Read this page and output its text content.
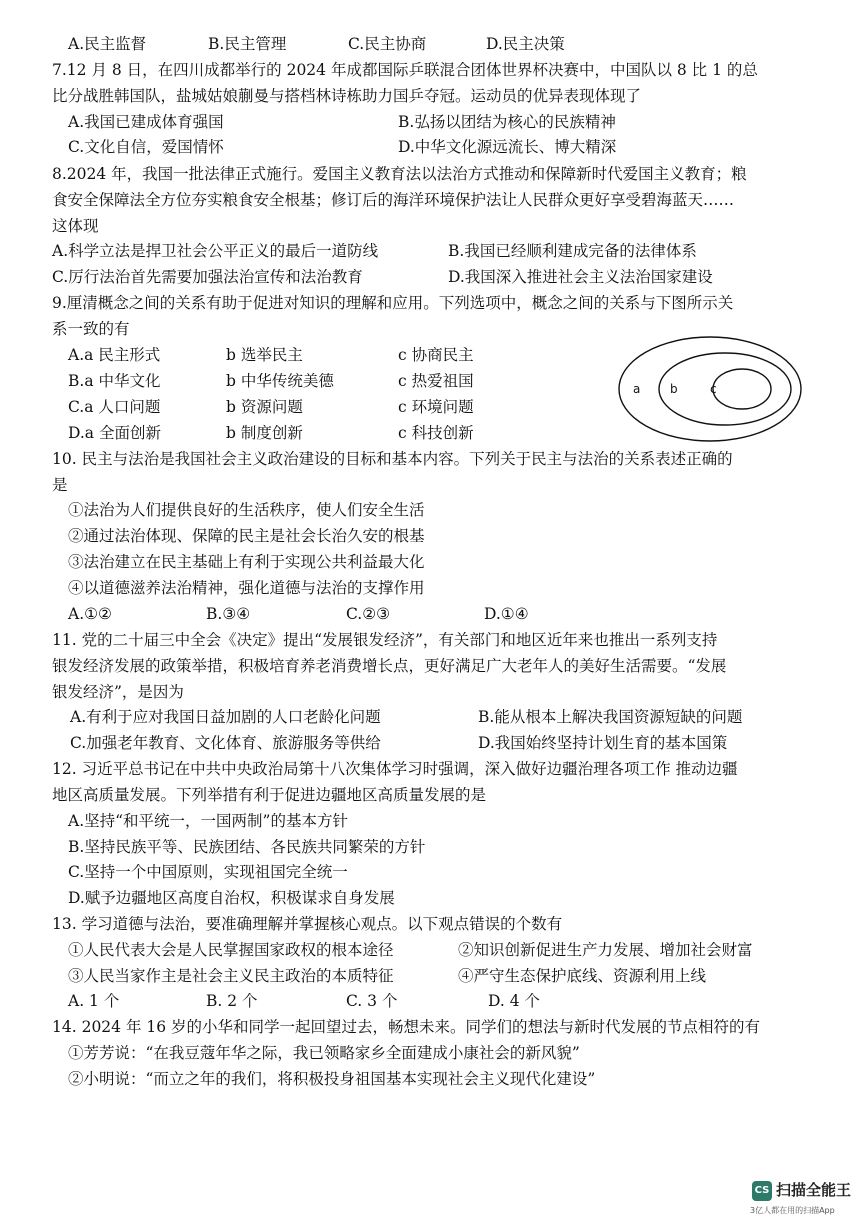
A.民主监督	B.民主管理	C.民主协商	D.民主决策
7.12 月 8 日，在四川成都举行的 2024 年成都国际乒联混合团体世界杯决赛中，中国队以 8 比 1 的总
比分战胜韩国队，盐城姑娘蒯曼与搭档林诗栋助力国乒夺冠。运动员的优异表现体现了
A.我国已建成体育强国	B.弘扬以团结为核心的民族精神
C.文化自信，爱国情怀	D.中华文化源远流长、博大精深
8.2024 年，我国一批法律正式施行。爱国主义教育法以法治方式推动和保障新时代爱国主义教育；粮
食安全保障法全方位夯实粮食安全根基；修订后的海洋环境保护法让人民群众更好享受碧海蓝天……
这体现
A.科学立法是捍卫社会公平正义的最后一道防线	B.我国已经顺利建成完备的法律体系
C.厉行法治首先需要加强法治宣传和法治教育	D.我国深入推进社会主义法治国家建设
9.厘清概念之间的关系有助于促进对知识的理解和应用。下列选项中，概念之间的关系与下图所示关
系一致的有
A.a 民主形式	b 选举民主	c 协商民主
B.a 中华文化	b 中华传统美德	c 热爱祖国
C.a 人口问题	b 资源问题	c 环境问题
D.a 全面创新	b 制度创新	c 科技创新
a b	c
10. 民主与法治是我国社会主义政治建设的目标和基本内容。下列关于民主与法治的关系表述正确的
是
①法治为人们提供良好的生活秩序，使人们安全生活
②通过法治体现、保障的民主是社会长治久安的根基
③法治建立在民主基础上有利于实现公共利益最大化
④以道德滋养法治精神，强化道德与法治的支撑作用
A.①②	B.③④	C.②③	D.①④
11. 党的二十届三中全会《决定》提出“发展银发经济”，有关部门和地区近年来也推出一系列支持
银发经济发展的政策举措，积极培育养老消费增长点，更好满足广大老年人的美好生活需要。“发展
银发经济”，是因为
A.有利于应对我国日益加剧的人口老龄化问题	B.能从根本上解决我国资源短缺的问题
C.加强老年教育、文化体育、旅游服务等供给	D.我国始终坚持计划生育的基本国策
12. 习近平总书记在中共中央政治局第十八次集体学习时强调，深入做好边疆治理各项工作 推动边疆
地区高质量发展。下列举措有利于促进边疆地区高质量发展的是
A.坚持“和平统一，一国两制”的基本方针
B.坚持民族平等、民族团结、各民族共同繁荣的方针
C.坚持一个中国原则，实现祖国完全统一
D.赋予边疆地区高度自治权，积极谋求自身发展
13. 学习道德与法治，要准确理解并掌握核心观点。以下观点错误的个数有
①人民代表大会是人民掌握国家政权的根本途径	②知识创新促进生产力发展、增加社会财富
③人民当家作主是社会主义民主政治的本质特征	④严守生态保护底线、资源利用上线
A. 1 个	B. 2 个	C. 3 个	D. 4 个
14. 2024 年 16 岁的小华和同学一起回望过去，畅想未来。同学们的想法与新时代发展的节点相符的有
①芳芳说：“在我豆蔻年华之际，我已领略家乡全面建成小康社会的新风貌”
②小明说：“而立之年的我们，将积极投身祖国基本实现社会主义现代化建设”
CS 扫描全能王
3亿人都在用的扫描App
